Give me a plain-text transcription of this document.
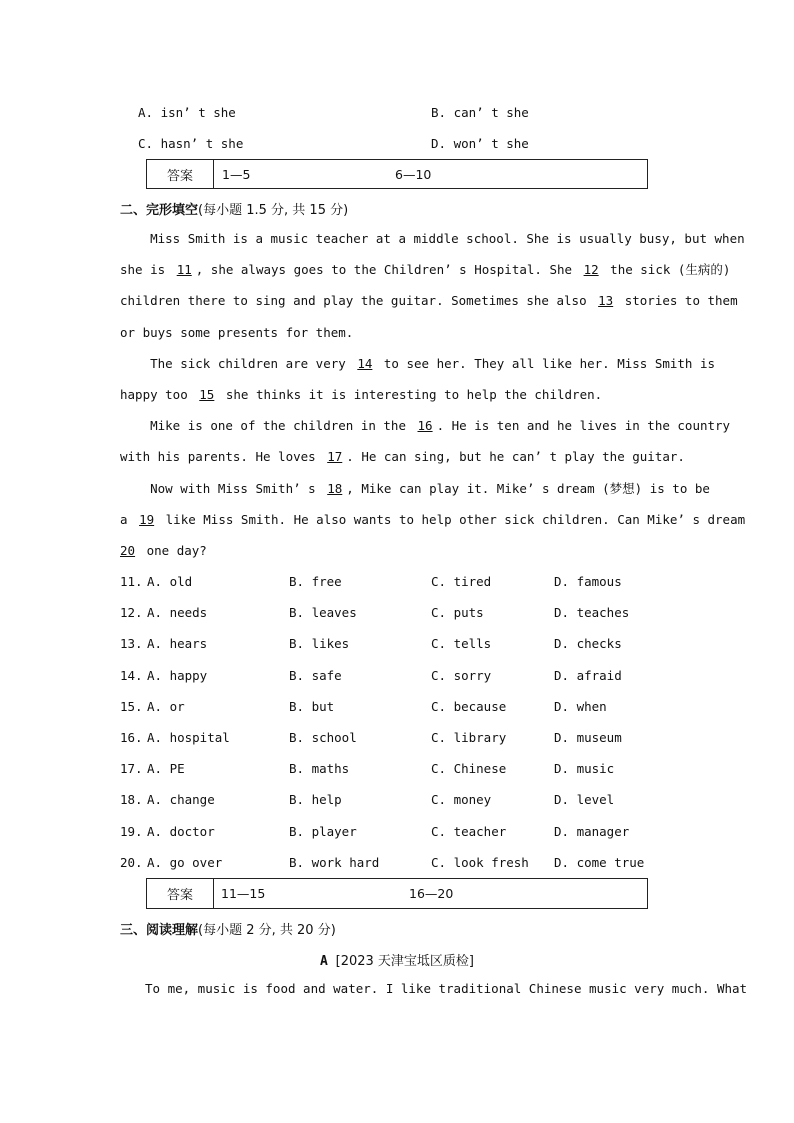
A. isn’ t she	B. can’ t she
C. hasn’ t she	D. won’ t she
答案	1—5	6—10
二、完形填空(每小题 1.5 分, 共 15 分)
Miss Smith is a music teacher at a middle school. She is usually busy, but when
she is 11 , she always goes to the Children’ s Hospital. She 12 the sick (生病的)
children there to sing and play the guitar. Sometimes she also 13 stories to them
or buys some presents for them.
The sick children are very 14 to see her. They all like her. Miss Smith is
happy too 15 she thinks it is interesting to help the children.
Mike is one of the children in the 16 . He is ten and he lives in the country
with his parents. He loves 17 . He can sing, but he can’ t play the guitar.
Now with Miss Smith’ s 18 , Mike can play it. Mike’ s dream (梦想) is to be
a 19 like Miss Smith. He also wants to help other sick children. Can Mike’ s dream
20 one day?
11. A. old	B. free	C. tired	D. famous
12. A. needs	B. leaves	C. puts	D. teaches
13. A. hears	B. likes	C. tells	D. checks
14. A. happy	B. safe	C. sorry	D. afraid
15. A. or	B. but	C. because	D. when
16. A. hospital	B. school	C. library	D. museum
17. A. PE	B. maths	C. Chinese	D. music
18. A. change	B. help	C. money	D. level
19. A. doctor	B. player	C. teacher	D. manager
20. A. go over	B. work hard	C. look fresh D. come true
答案	11—15	16—20
三、阅读理解(每小题 2 分, 共 20 分)
A [2023 天津宝坻区质检]
To me, music is food and water. I like traditional Chinese music very much. What
